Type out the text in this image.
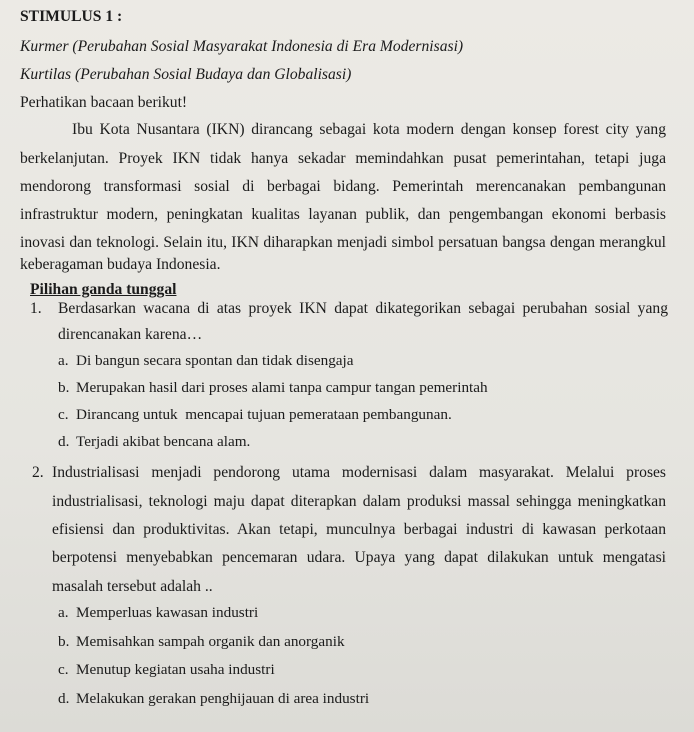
STIMULUS 1 :
Kurmer (Perubahan Sosial Masyarakat Indonesia di Era Modernisasi)
Kurtilas (Perubahan Sosial Budaya dan Globalisasi)
Perhatikan bacaan berikut!
Ibu Kota Nusantara (IKN) dirancang sebagai kota modern dengan konsep forest city yang
berkelanjutan. Proyek IKN tidak hanya sekadar memindahkan pusat pemerintahan, tetapi juga
mendorong transformasi sosial di berbagai bidang. Pemerintah merencanakan pembangunan
infrastruktur modern, peningkatan kualitas layanan publik, dan pengembangan ekonomi berbasis
inovasi dan teknologi. Selain itu, IKN diharapkan menjadi simbol persatuan bangsa dengan merangkul
keberagaman budaya Indonesia.
Pilihan ganda tunggal
1. Berdasarkan wacana di atas proyek IKN dapat dikategorikan sebagai perubahan sosial yang
direncanakan karena…
a. Di bangun secara spontan dan tidak disengaja
b. Merupakan hasil dari proses alami tanpa campur tangan pemerintah
c. Dirancang untuk  mencapai tujuan pemerataan pembangunan.
d. Terjadi akibat bencana alam.
2. Industrialisasi menjadi pendorong utama modernisasi dalam masyarakat. Melalui proses
industrialisasi, teknologi maju dapat diterapkan dalam produksi massal sehingga meningkatkan
efisiensi dan produktivitas. Akan tetapi, munculnya berbagai industri di kawasan perkotaan
berpotensi menyebabkan pencemaran udara. Upaya yang dapat dilakukan untuk mengatasi
masalah tersebut adalah ..
a. Memperluas kawasan industri
b. Memisahkan sampah organik dan anorganik
c. Menutup kegiatan usaha industri
d. Melakukan gerakan penghijauan di area industri
